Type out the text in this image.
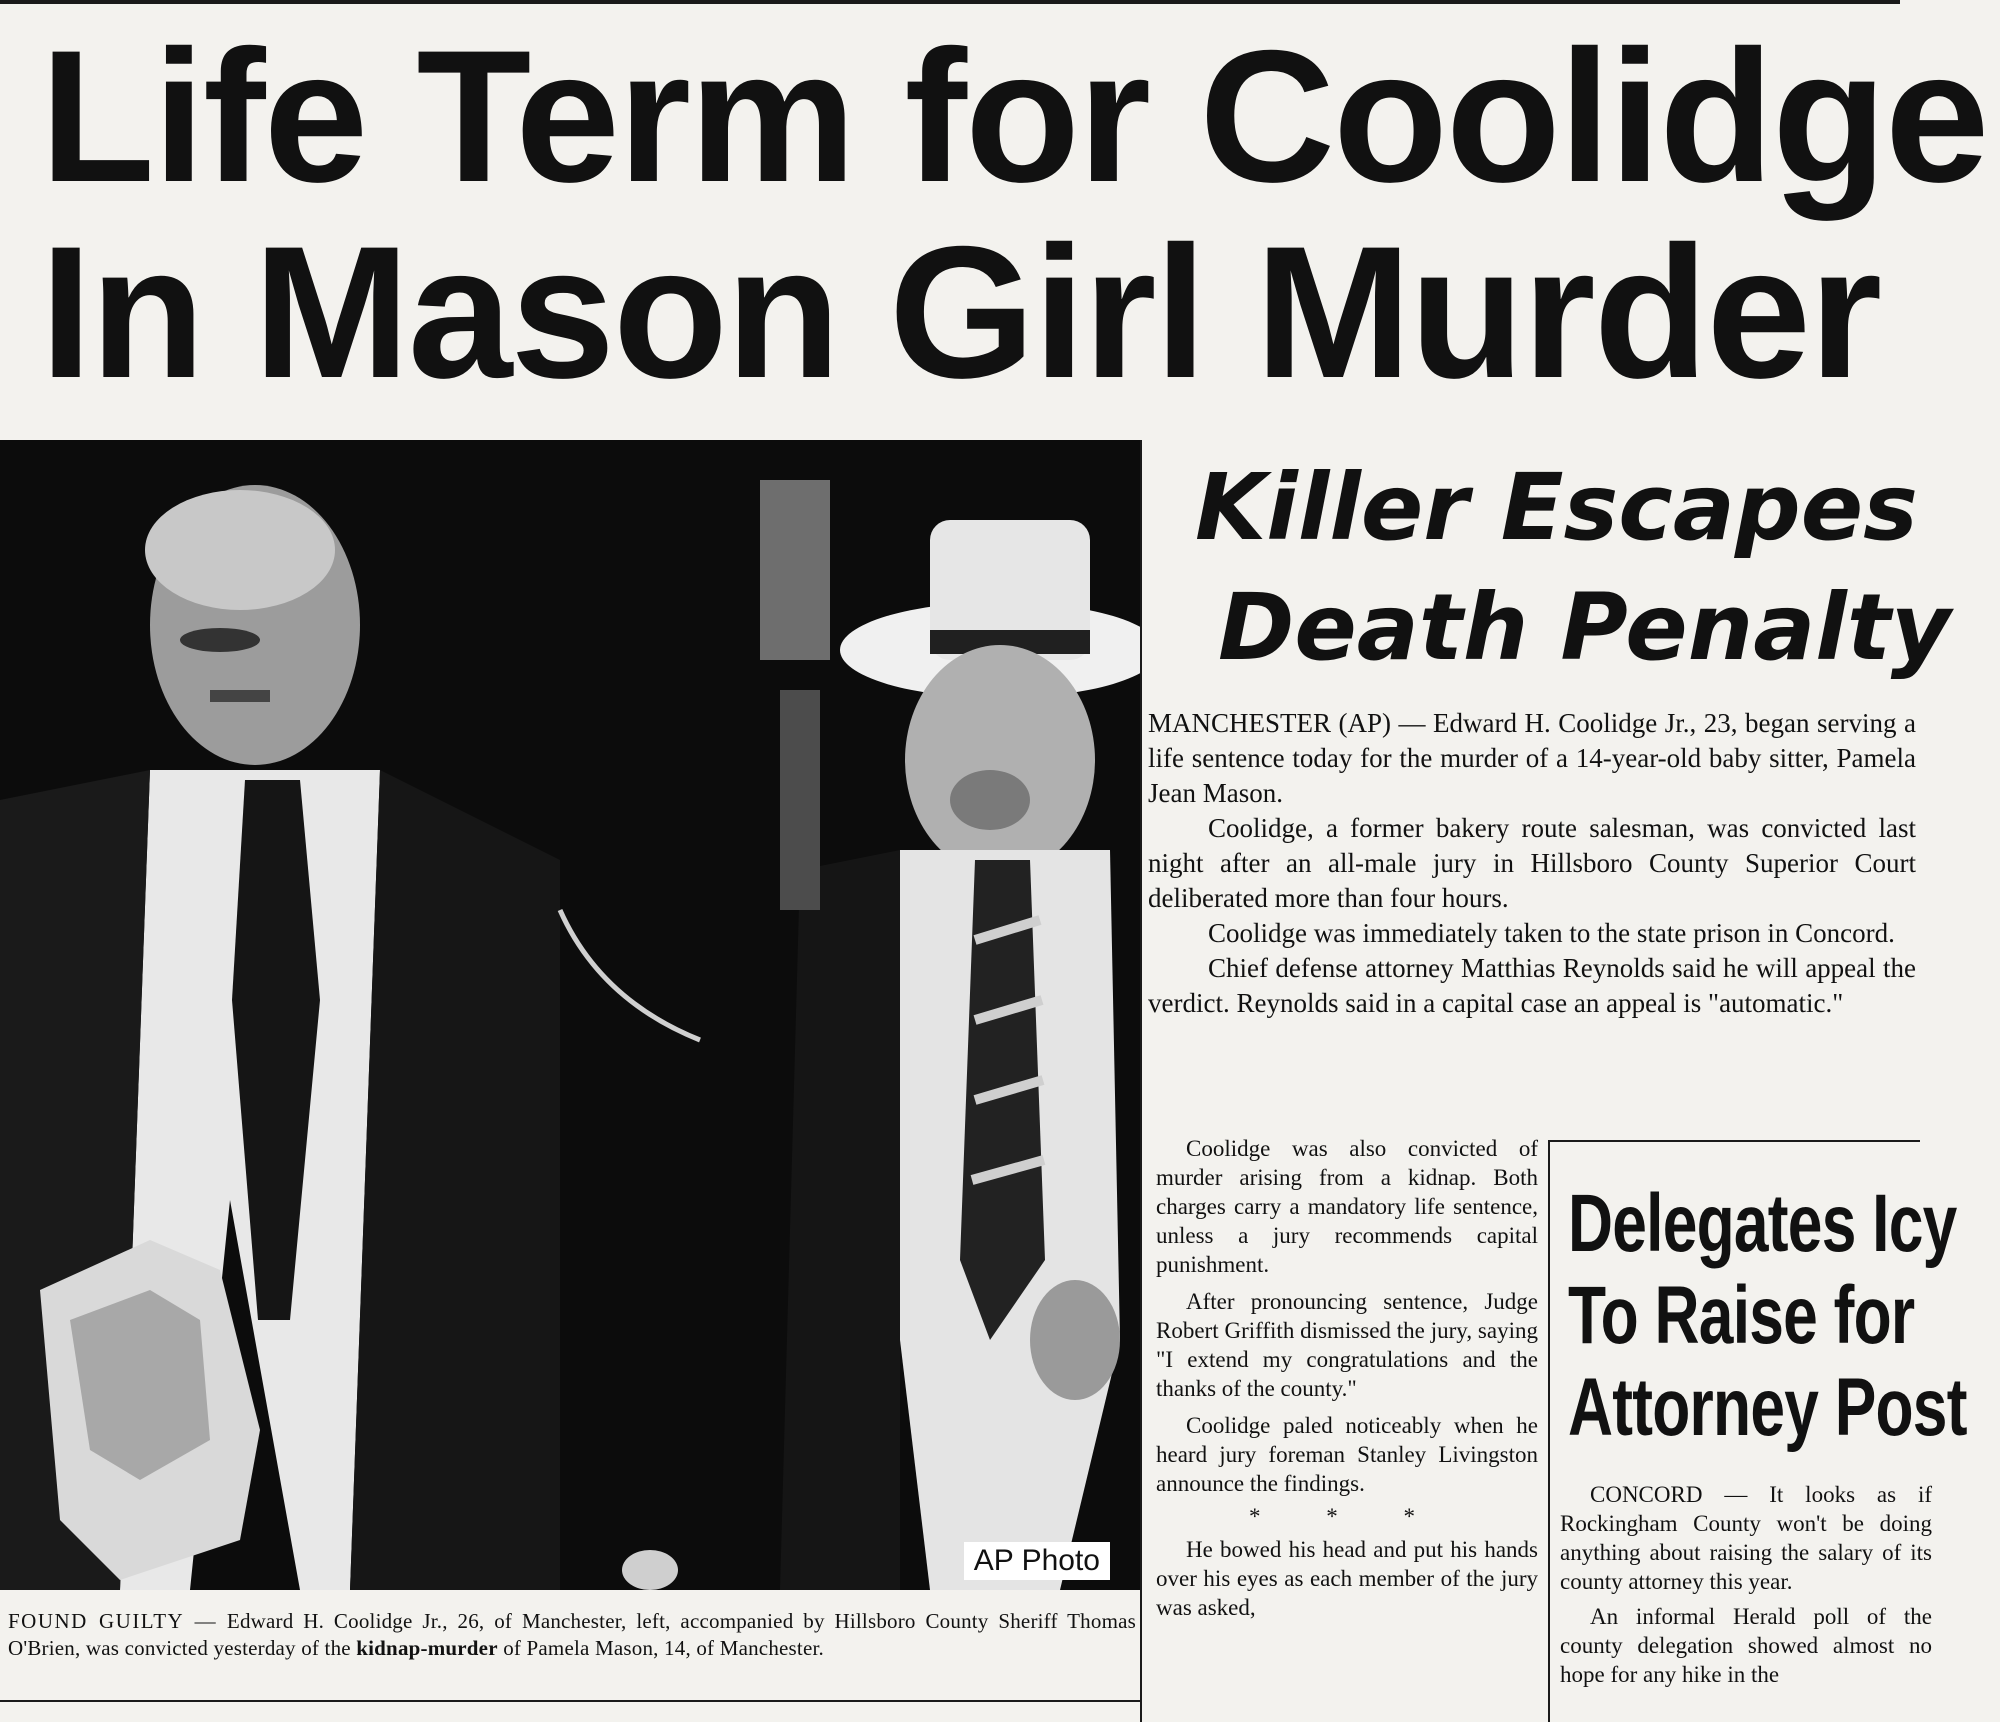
Life Term for Coolidge
In Mason Girl Murder
AP Photo
FOUND GUILTY — Edward H. Coolidge Jr., 26, of Manchester, left, accompanied by Hillsboro County Sheriff Thomas O'Brien, was convicted yesterday of the kidnap-murder of Pamela Mason, 14, of Manchester.
Killer Escapes
Death Penalty

MANCHESTER (AP) — Edward H. Coolidge Jr., 23, began serving a life sentence today for the murder of a 14-year-old baby sitter, Pamela Jean Mason.

Coolidge, a former bakery route salesman, was convicted last night after an all-male jury in Hillsboro County Superior Court deliberated more than four hours.

Coolidge was immediately taken to the state prison in Concord.

Chief defense attorney Matthias Reynolds said he will appeal the verdict. Reynolds said in a capital case an appeal is "automatic."

Coolidge was also convicted of murder arising from a kidnap. Both charges carry a mandatory life sentence, unless a jury recommends capital punishment.

After pronouncing sentence, Judge Robert Griffith dismissed the jury, saying "I extend my congratulations and the thanks of the county."

Coolidge paled noticeably when he heard jury foreman Stanley Livingston announce the findings.

* * *

He bowed his head and put his hands over his eyes as each member of the jury was asked,

Delegates Icy
To Raise for
Attorney Post

CONCORD — It looks as if Rockingham County won't be doing anything about raising the salary of its county attorney this year.

An informal Herald poll of the county delegation showed almost no hope for any hike in the
